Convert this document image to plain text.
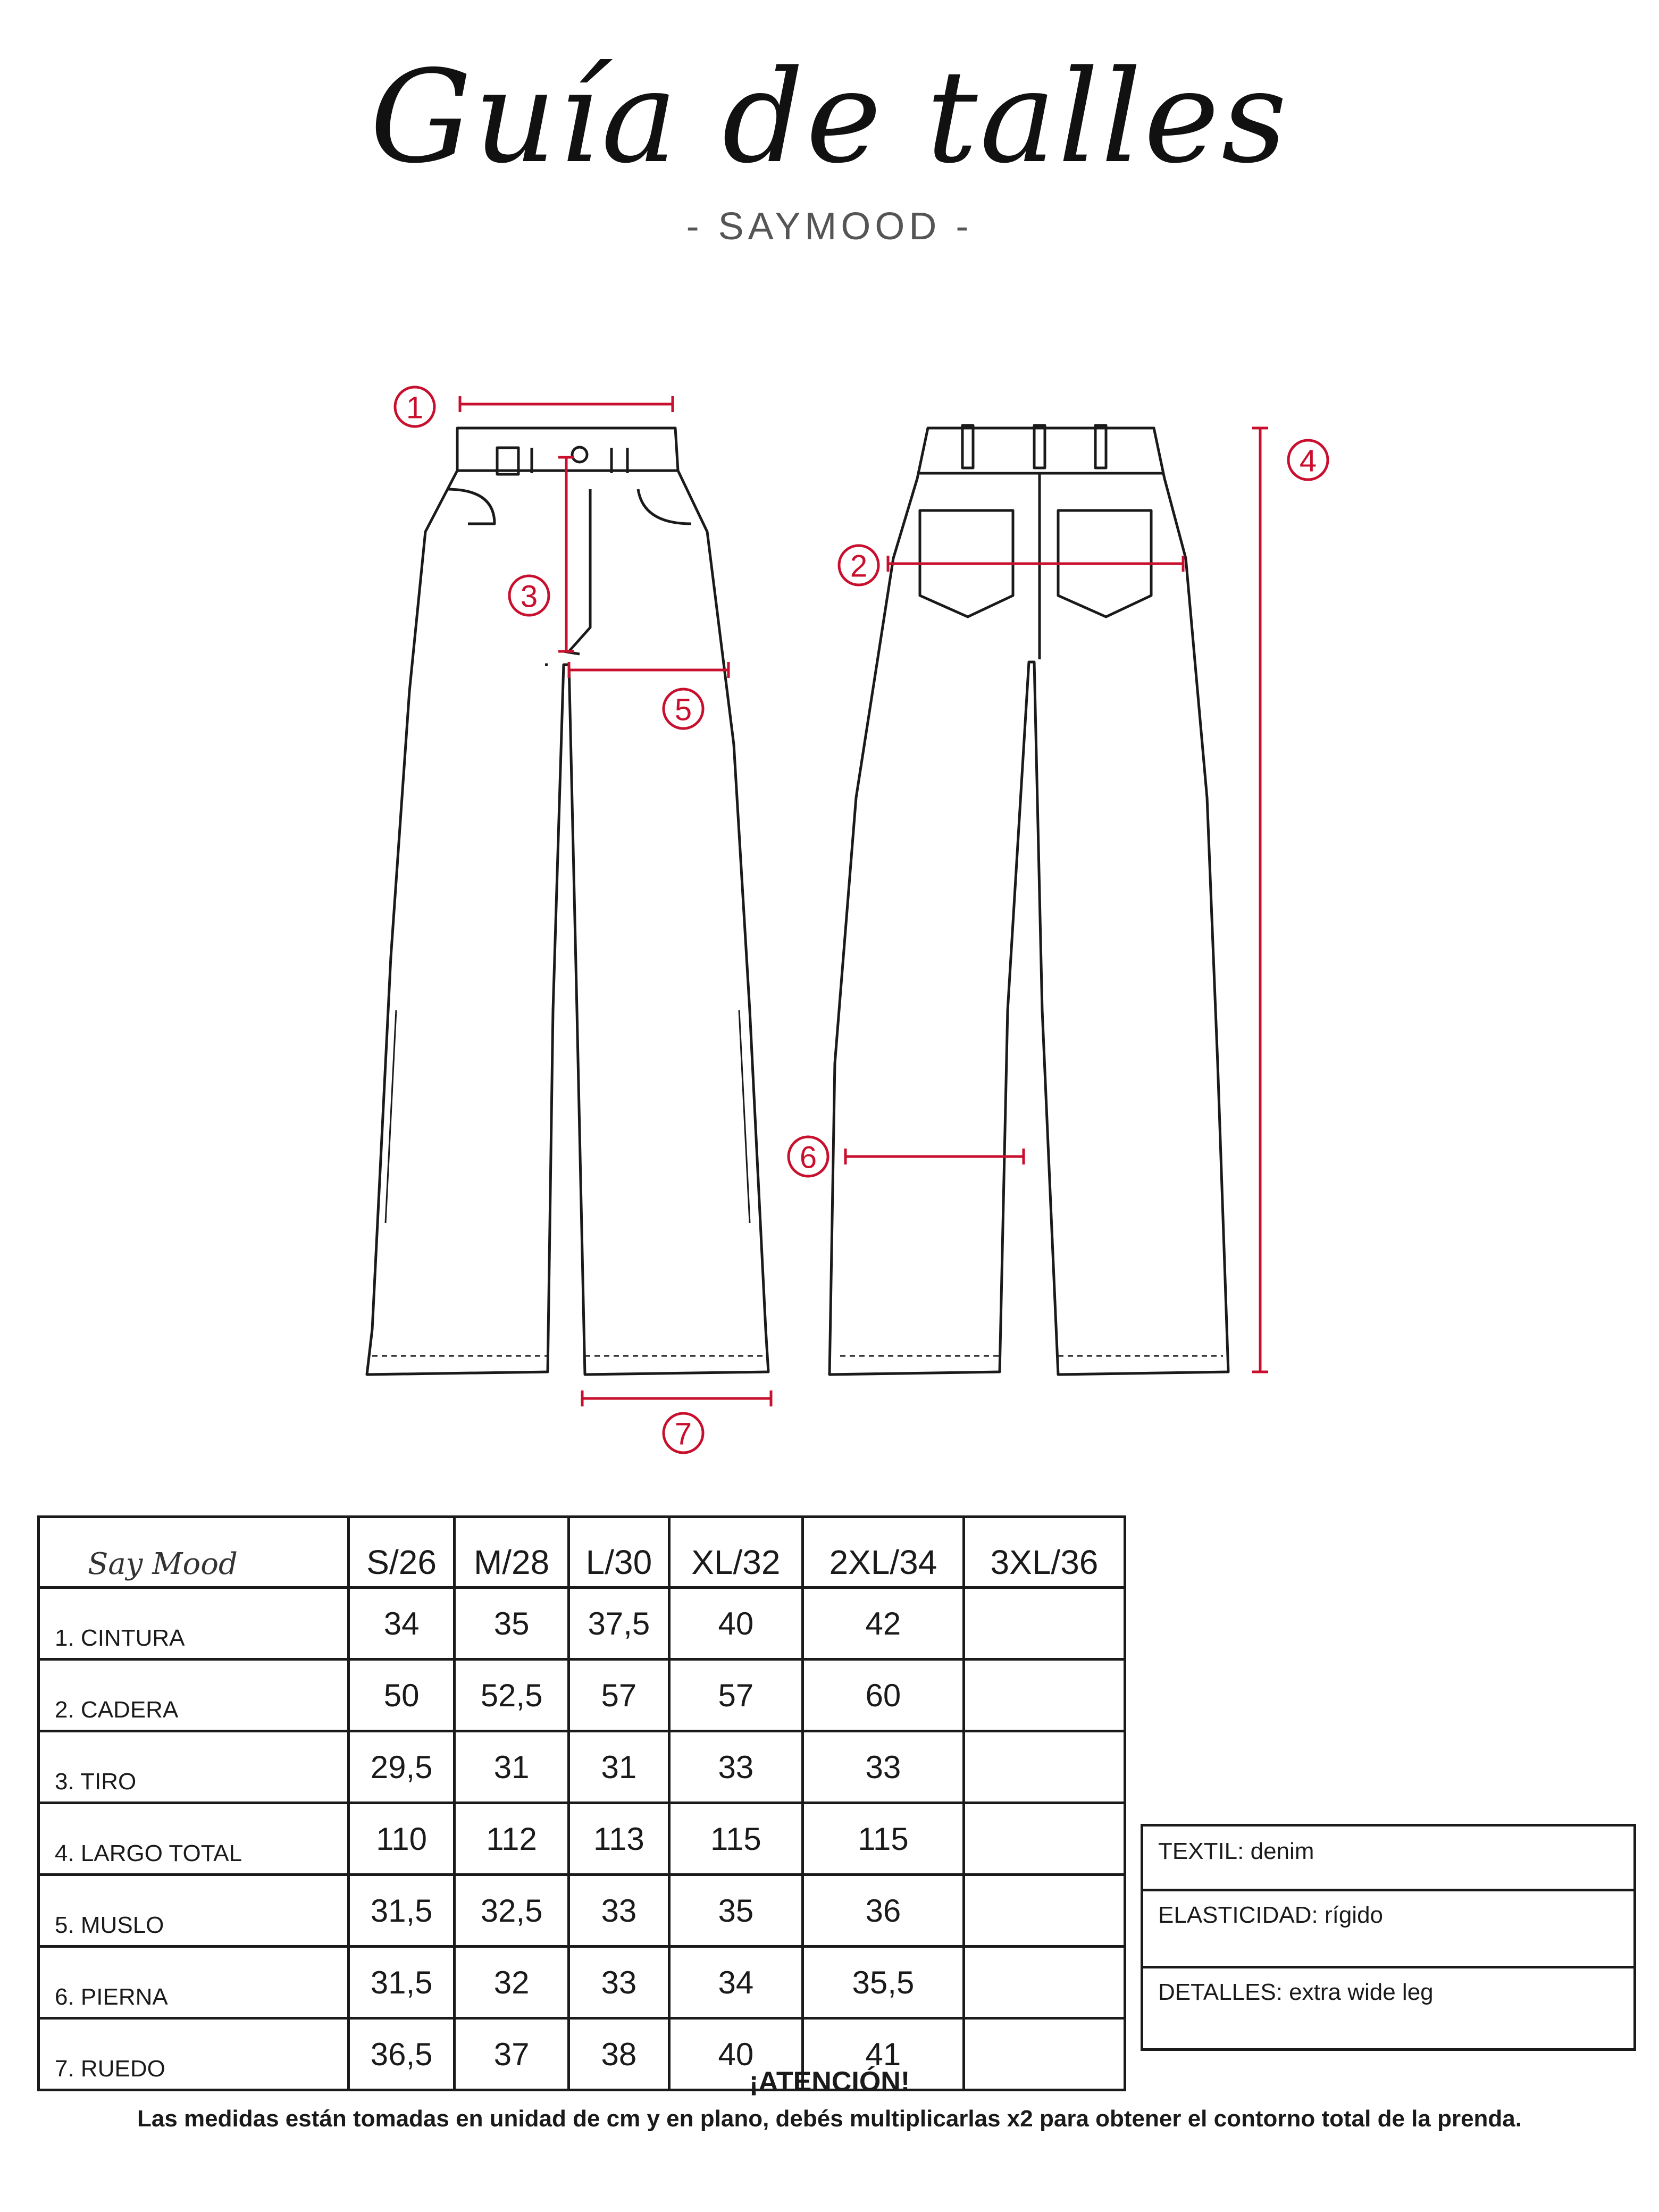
Guía de talles
- SAYMOOD -
1
2
3
4
5
6
7
Say Mood	S/26	M/28	L/30	XL/32	2XL/34	3XL/36
1. CINTURA	34	35	37,5	40	42	
2. CADERA	50	52,5	57	57	60	
3. TIRO	29,5	31	31	33	33	
4. LARGO TOTAL	110	112	113	115	115	
5. MUSLO	31,5	32,5	33	35	36	
6. PIERNA	31,5	32	33	34	35,5	
7. RUEDO	36,5	37	38	40	41	
TEXTIL: denim
ELASTICIDAD: rígido
DETALLES: extra wide leg
¡ATENCIÓN!
Las medidas están tomadas en unidad de cm y en plano, debés multiplicarlas x2 para obtener el contorno total de la prenda.
